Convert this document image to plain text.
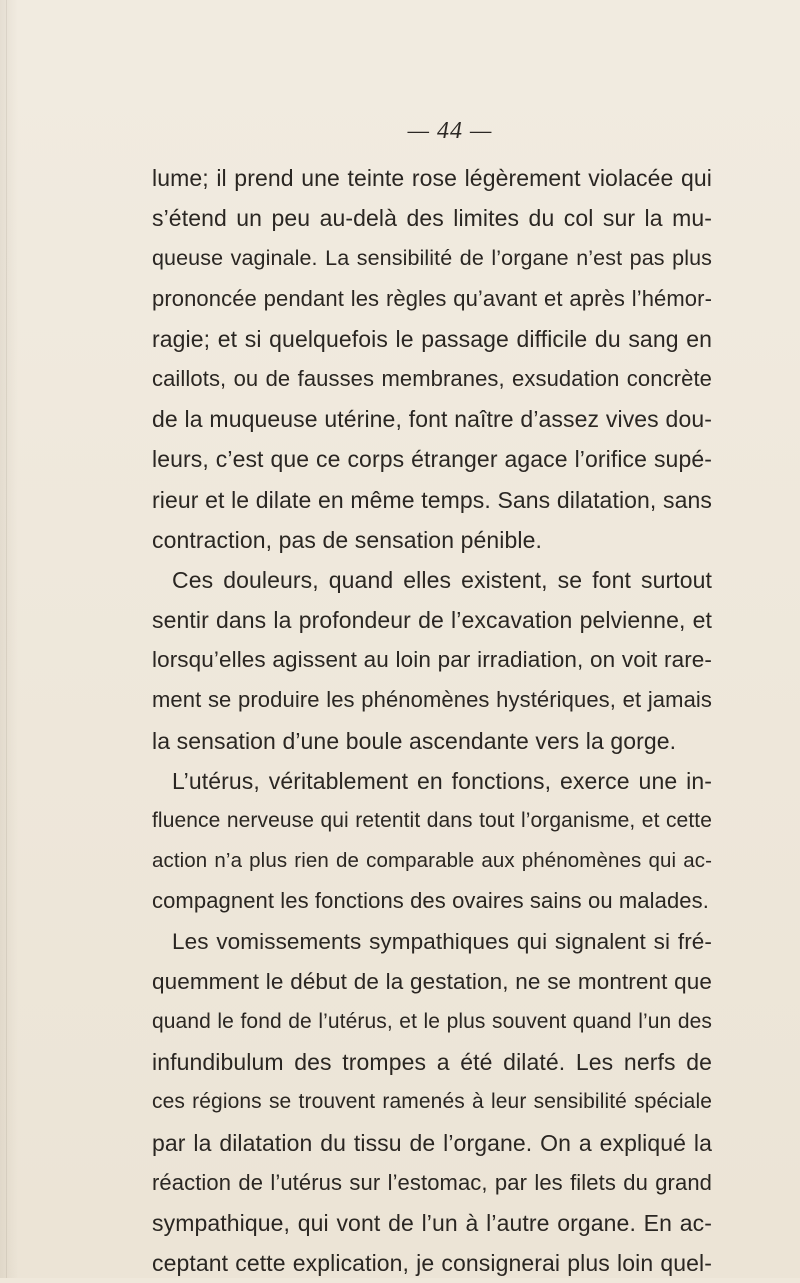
— 44 —
lume; il prend une teinte rose légèrement violacée qui
s’étend un peu au-delà des limites du col sur la mu-
queuse vaginale. La sensibilité de l’organe n’est pas plus
prononcée pendant les règles qu’avant et après l’hémor-
ragie; et si quelquefois le passage difficile du sang en
caillots, ou de fausses membranes, exsudation concrète
de la muqueuse utérine, font naître d’assez vives dou-
leurs, c’est que ce corps étranger agace l’orifice supé-
rieur et le dilate en même temps. Sans dilatation, sans
contraction, pas de sensation pénible.
Ces douleurs, quand elles existent, se font surtout
sentir dans la profondeur de l’excavation pelvienne, et
lorsqu’elles agissent au loin par irradiation, on voit rare-
ment se produire les phénomènes hystériques, et jamais
la sensation d’une boule ascendante vers la gorge.
L’utérus, véritablement en fonctions, exerce une in-
fluence nerveuse qui retentit dans tout l’organisme, et cette
action n’a plus rien de comparable aux phénomènes qui ac-
compagnent les fonctions des ovaires sains ou malades.
Les vomissements sympathiques qui signalent si fré-
quemment le début de la gestation, ne se montrent que
quand le fond de l’utérus, et le plus souvent quand l’un des
infundibulum des trompes a été dilaté. Les nerfs de
ces régions se trouvent ramenés à leur sensibilité spéciale
par la dilatation du tissu de l’organe. On a expliqué la
réaction de l’utérus sur l’estomac, par les filets du grand
sympathique, qui vont de l’un à l’autre organe. En ac-
ceptant cette explication, je consignerai plus loin quel-
